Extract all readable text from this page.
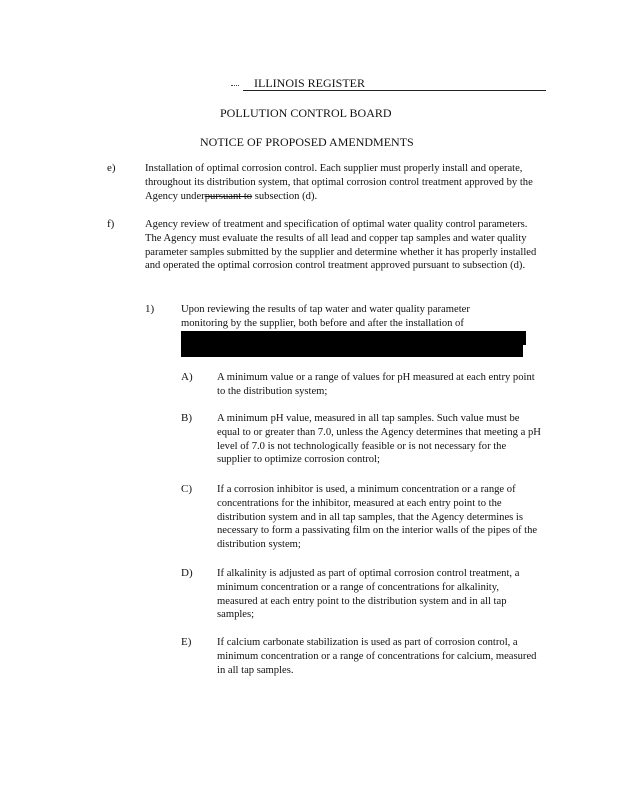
ILLINOIS REGISTER
POLLUTION CONTROL BOARD
NOTICE OF PROPOSED AMENDMENTS
e)	Installation of optimal corrosion control. Each supplier must properly install and operate, throughout its distribution system, that optimal corrosion control treatment approved by the Agency underpursuant to subsection (d).

f)	Agency review of treatment and specification of optimal water quality control parameters. The Agency must evaluate the results of all lead and copper tap samples and water quality parameter samples submitted by the supplier and determine whether it has properly installed and operated the optimal corrosion control treatment approved pursuant to subsection (d).

1)	Upon reviewing the results of tap water and water quality parameter

monitoring by the supplier, both before and after the installation of

A) A minimum value or a range of values for pH measured at each entry point to the distribution system;

B) A minimum pH value, measured in all tap samples. Such value must be equal to or greater than 7.0, unless the Agency determines that meeting a pH level of 7.0 is not technologically feasible or is not necessary for the supplier to optimize corrosion control;

C) If a corrosion inhibitor is used, a minimum concentration or a range of concentrations for the inhibitor, measured at each entry point to the distribution system and in all tap samples, that the Agency determines is necessary to form a passivating film on the interior walls of the pipes of the distribution system;

D) If alkalinity is adjusted as part of optimal corrosion control treatment, a minimum concentration or a range of concentrations for alkalinity, measured at each entry point to the distribution system and in all tap samples;

E) If calcium carbonate stabilization is used as part of corrosion control, a minimum concentration or a range of concentrations for calcium, measured in all tap samples.
